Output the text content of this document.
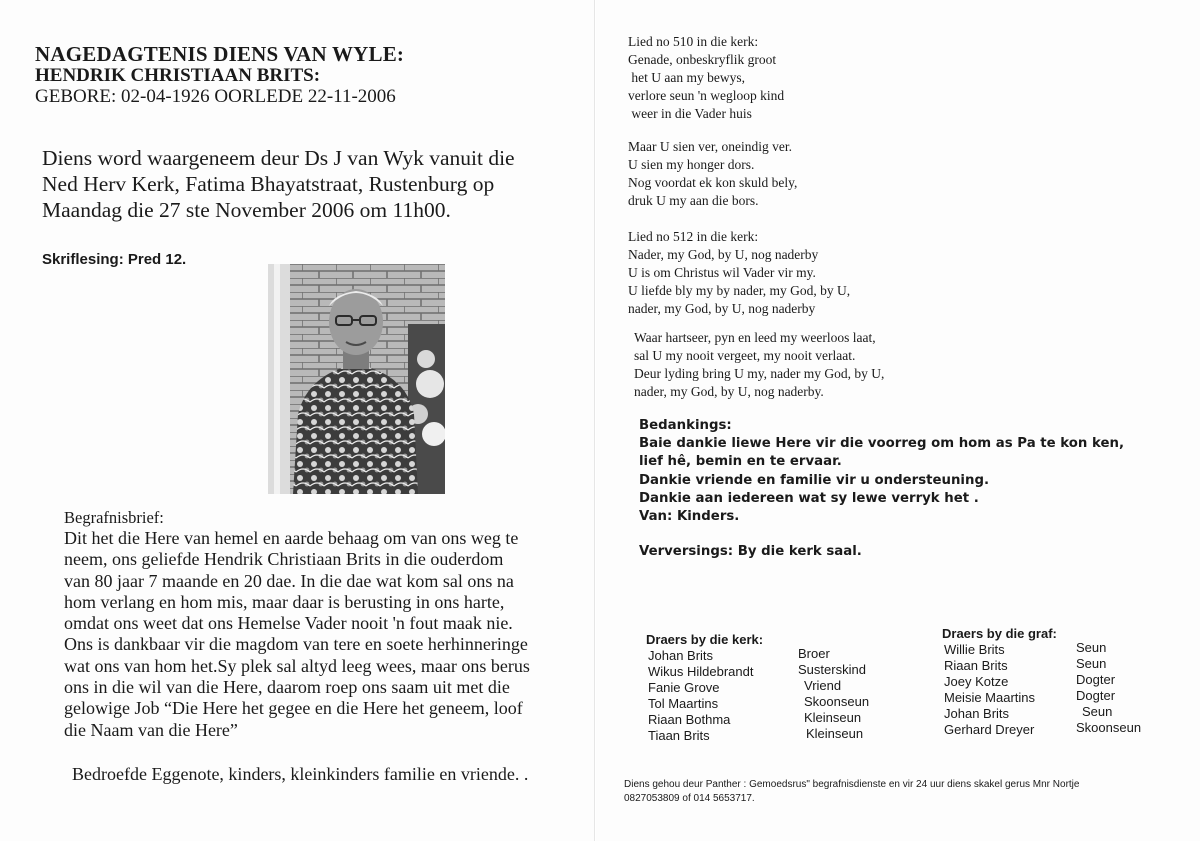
NAGEDAGTENIS DIENS VAN WYLE:
HENDRIK CHRISTIAAN BRITS:
GEBORE: 02-04-1926 OORLEDE 22-11-2006
Diens word waargeneem deur Ds J van Wyk vanuit die
Ned Herv Kerk, Fatima Bhayatstraat, Rustenburg op
Maandag die 27 ste November 2006 om 11h00.
Skriflesing: Pred 12.
Begrafnisbrief:
Dit het die Here van hemel en aarde behaag om van ons weg te
neem, ons geliefde Hendrik Christiaan Brits in die ouderdom
van 80 jaar 7 maande en 20 dae. In die dae wat kom sal ons na
hom verlang en hom mis, maar daar is berusting in ons harte,
omdat ons weet dat ons Hemelse Vader nooit 'n fout maak nie.
Ons is dankbaar vir die magdom van tere en soete herhinneringe
wat ons van hom het.Sy plek sal altyd leeg wees, maar ons berus
ons in die wil van die Here, daarom roep ons saam uit met die
gelowige Job “Die Here het gegee en die Here het geneem, loof
die Naam van die Here”
Bedroefde Eggenote, kinders, kleinkinders familie en vriende. .
Lied no 510 in die kerk:
Genade, onbeskryflik groot
het U aan my bewys,
verlore seun 'n wegloop kind
weer in die Vader huis
Maar U sien ver, oneindig ver.
U sien my honger dors.
Nog voordat ek kon skuld bely,
druk U my aan die bors.
Lied no 512 in die kerk:
Nader, my God, by U, nog naderby
U is om Christus wil Vader vir my.
U liefde bly my by nader, my God, by U,
nader, my God, by U, nog naderby
Waar hartseer, pyn en leed my weerloos laat,
sal U my nooit vergeet, my nooit verlaat.
Deur lyding bring U my, nader my God, by U,
nader, my God, by U, nog naderby.
Bedankings:
Baie dankie liewe Here vir die voorreg om hom as Pa te kon ken,
lief hê, bemin en te ervaar.
Dankie vriende en familie vir u ondersteuning.
Dankie aan iedereen wat sy lewe verryk het .
Van: Kinders.
Verversings: By die kerk saal.
Draers by die kerk:
Johan Brits
Wikus Hildebrandt
Fanie Grove
Tol Maartins
Riaan Bothma
Tiaan Brits
Broer
Susterskind
Vriend
Skoonseun
Kleinseun
Kleinseun
Draers by die graf:
Willie Brits
Riaan Brits
Joey Kotze
Meisie Maartins
Johan Brits
Gerhard Dreyer
Seun
Seun
Dogter
Dogter
Seun
Skoonseun
Diens gehou deur Panther : Gemoedsrus" begrafnisdienste en vir 24 uur diens skakel gerus Mnr Nortje
0827053809 of 014 5653717.
